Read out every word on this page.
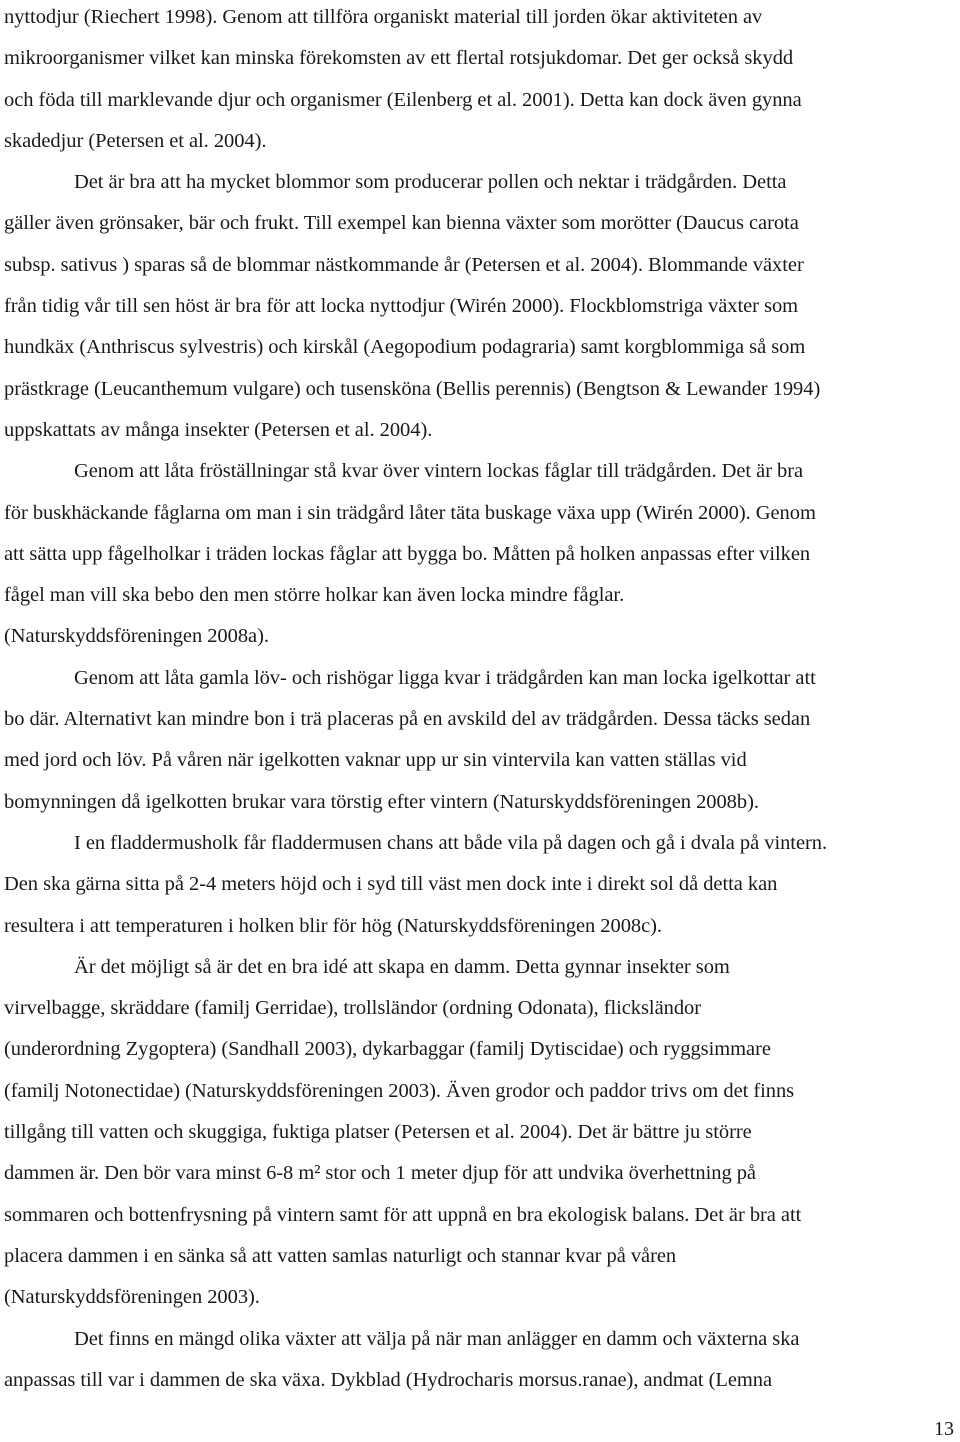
nyttodjur (Riechert 1998). Genom att tillföra organiskt material till jorden ökar aktiviteten av
mikroorganismer vilket kan minska förekomsten av ett flertal rotsjukdomar. Det ger också skydd
och föda till marklevande djur och organismer (Eilenberg et al. 2001). Detta kan dock även gynna
skadedjur (Petersen et al. 2004).
Det är bra att ha mycket blommor som producerar pollen och nektar i trädgården. Detta
gäller även grönsaker, bär och frukt. Till exempel kan bienna växter som morötter (Daucus carota
subsp. sativus ) sparas så de blommar nästkommande år (Petersen et al. 2004). Blommande växter
från tidig vår till sen höst är bra för att locka nyttodjur (Wirén 2000). Flockblomstriga växter som
hundkäx (Anthriscus sylvestris) och kirskål (Aegopodium podagraria) samt korgblommiga så som
prästkrage (Leucanthemum vulgare) och tusensköna (Bellis perennis) (Bengtson & Lewander 1994)
uppskattats av många insekter (Petersen et al. 2004).
Genom att låta fröställningar stå kvar över vintern lockas fåglar till trädgården. Det är bra
för buskhäckande fåglarna om man i sin trädgård låter täta buskage växa upp (Wirén 2000). Genom
att sätta upp fågelholkar i träden lockas fåglar att bygga bo. Måtten på holken anpassas efter vilken
fågel man vill ska bebo den men större holkar kan även locka mindre fåglar.
(Naturskyddsföreningen 2008a).
Genom att låta gamla löv- och rishögar ligga kvar i trädgården kan man locka igelkottar att
bo där. Alternativt kan mindre bon i trä placeras på en avskild del av trädgården. Dessa täcks sedan
med jord och löv. På våren när igelkotten vaknar upp ur sin vintervila kan vatten ställas vid
bomynningen då igelkotten brukar vara törstig efter vintern (Naturskyddsföreningen 2008b).
I en fladdermusholk får fladdermusen chans att både vila på dagen och gå i dvala på vintern.
Den ska gärna sitta på 2-4 meters höjd och i syd till väst men dock inte i direkt sol då detta kan
resultera i att temperaturen i holken blir för hög (Naturskyddsföreningen 2008c).
Är det möjligt så är det en bra idé att skapa en damm. Detta gynnar insekter som
virvelbagge, skräddare (familj Gerridae), trollsländor (ordning Odonata), flicksländor
(underordning Zygoptera) (Sandhall 2003), dykarbaggar (familj Dytiscidae) och ryggsimmare
(familj Notonectidae) (Naturskyddsföreningen 2003). Även grodor och paddor trivs om det finns
tillgång till vatten och skuggiga, fuktiga platser (Petersen et al. 2004). Det är bättre ju större
dammen är. Den bör vara minst 6-8 m² stor och 1 meter djup för att undvika överhettning på
sommaren och bottenfrysning på vintern samt för att uppnå en bra ekologisk balans. Det är bra att
placera dammen i en sänka så att vatten samlas naturligt och stannar kvar på våren
(Naturskyddsföreningen 2003).
Det finns en mängd olika växter att välja på när man anlägger en damm och växterna ska
anpassas till var i dammen de ska växa. Dykblad (Hydrocharis morsus.ranae), andmat (Lemna
13
